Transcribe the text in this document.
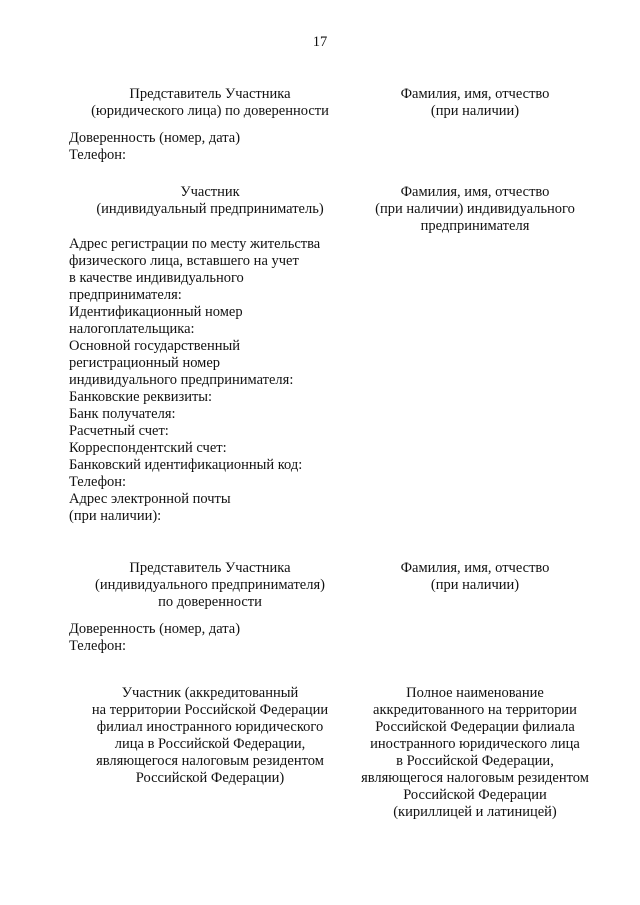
17
Представитель Участника
(юридического лица) по доверенности
Фамилия, имя, отчество
(при наличии)
Доверенность (номер, дата)
Телефон:
Участник
(индивидуальный предприниматель)
Фамилия, имя, отчество
(при наличии) индивидуального
предпринимателя
Адрес регистрации по месту жительства
физического лица, вставшего на учет
в качестве индивидуального
предпринимателя:
Идентификационный номер
налогоплательщика:
Основной государственный
регистрационный номер
индивидуального предпринимателя:
Банковские реквизиты:
Банк получателя:
Расчетный счет:
Корреспондентский счет:
Банковский идентификационный код:
Телефон:
Адрес электронной почты
(при наличии):
Представитель Участника
(индивидуального предпринимателя)
по доверенности
Фамилия, имя, отчество
(при наличии)
Доверенность (номер, дата)
Телефон:
Участник (аккредитованный
на территории Российской Федерации
филиал иностранного юридического
лица в Российской Федерации,
являющегося налоговым резидентом
Российской Федерации)
Полное наименование
аккредитованного на территории
Российской Федерации филиала
иностранного юридического лица
в Российской Федерации,
являющегося налоговым резидентом
Российской Федерации
(кириллицей и латиницей)
